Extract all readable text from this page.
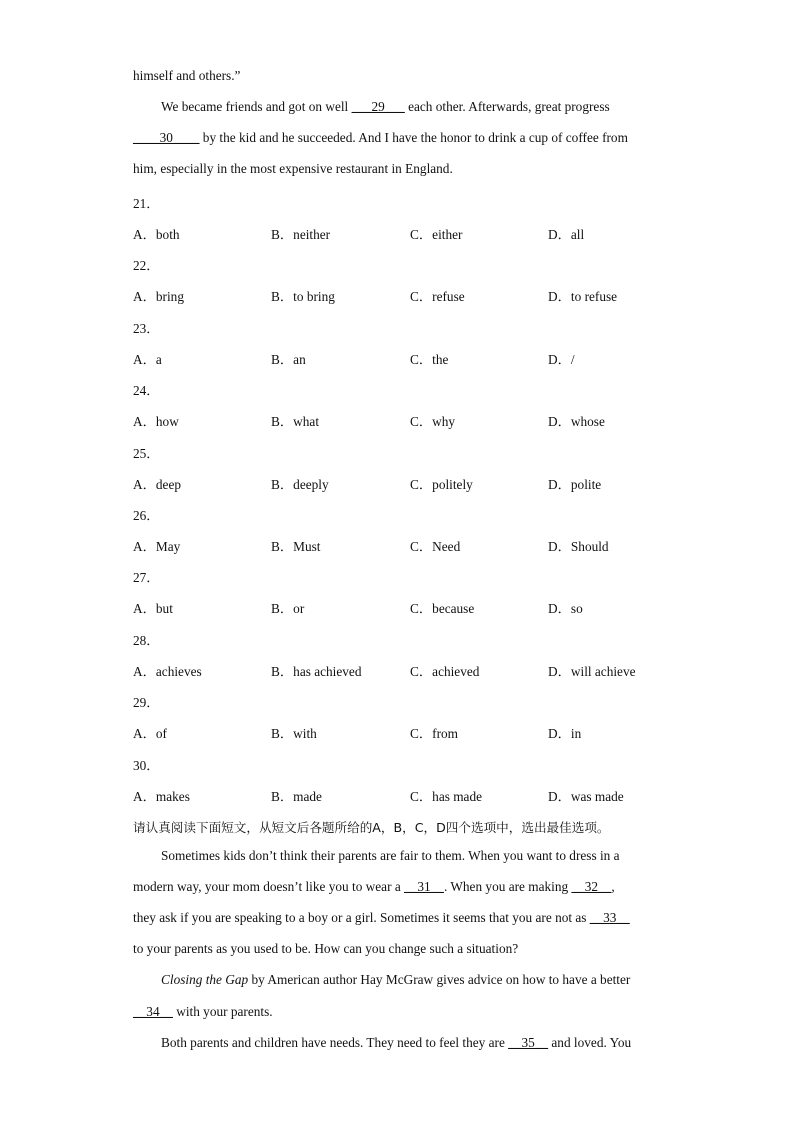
himself and others.”
We became friends and got on well ___29___ each other. Afterwards, great progress
____30____ by the kid and he succeeded. And I have the honor to drink a cup of coffee from
him, especially in the most expensive restaurant in England.
21．
A．both	B．neither	C．either	D．all
22．
A．bring	B．to bring	C．refuse	D．to refuse
23．
A．a	B．an	C．the	D．/
24．
A．how	B．what	C．why	D．whose
25．
A．deep	B．deeply	C．politely	D．polite
26．
A．May	B．Must	C．Need	D．Should
27．
A．but	B．or	C．because	D．so
28．
A．achieves	B．has achieved	C．achieved	D．will achieve
29．
A．of	B．with	C．from	D．in
30．
A．makes	B．made	C．has made	D．was made
请认真阅读下面短文，从短文后各题所给的A，B，C，D四个选项中，选出最佳选项。
Sometimes kids don’t think their parents are fair to them. When you want to dress in a
modern way, your mom doesn’t like you to wear a __31__. When you are making __32__,
they ask if you are speaking to a boy or a girl. Sometimes it seems that you are not as __33__
to your parents as you used to be. How can you change such a situation?
Closing the Gap by American author Hay McGraw gives advice on how to have a better
__34__ with your parents.
Both parents and children have needs. They need to feel they are __35__ and loved. You
